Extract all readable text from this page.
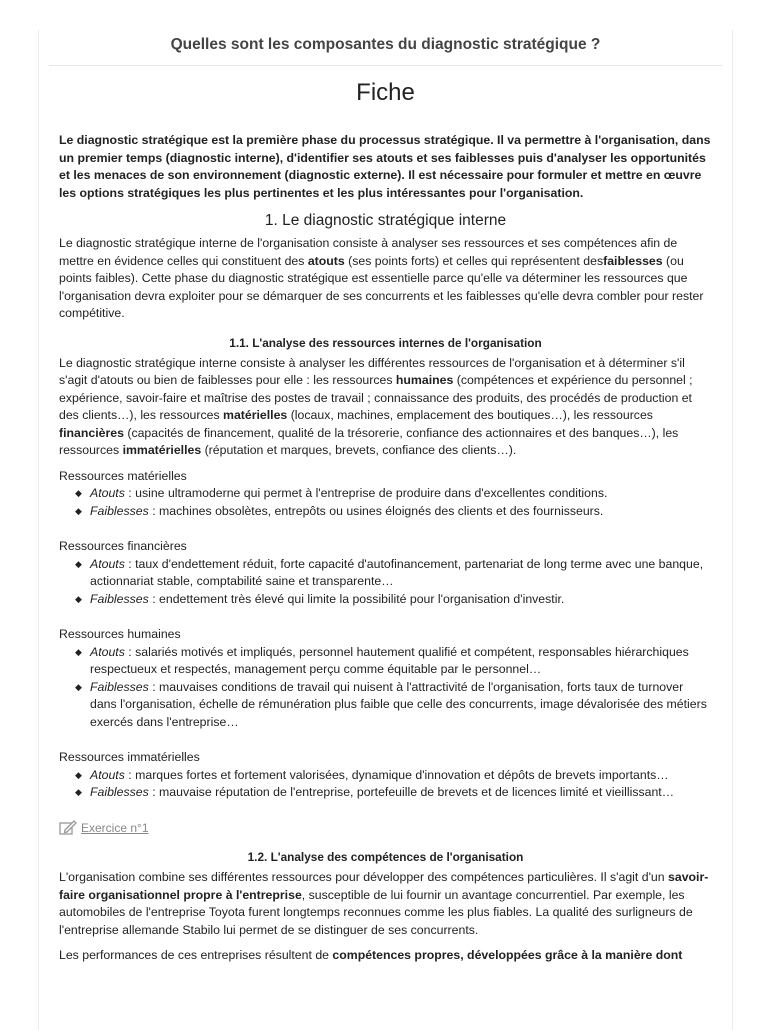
Quelles sont les composantes du diagnostic stratégique ?
Fiche

Le diagnostic stratégique est la première phase du processus stratégique. Il va permettre à l'organisation, dans un premier temps (diagnostic interne), d'identifier ses atouts et ses faiblesses puis d'analyser les opportunités et les menaces de son environnement (diagnostic externe). Il est nécessaire pour formuler et mettre en œuvre les options stratégiques les plus pertinentes et les plus intéressantes pour l'organisation.

1. Le diagnostic stratégique interne

Le diagnostic stratégique interne de l'organisation consiste à analyser ses ressources et ses compétences afin de mettre en évidence celles qui constituent des atouts (ses points forts) et celles qui représentent desfaiblesses (ou points faibles). Cette phase du diagnostic stratégique est essentielle parce qu'elle va déterminer les ressources que l'organisation devra exploiter pour se démarquer de ses concurrents et les faiblesses qu'elle devra combler pour rester compétitive.

1.1. L'analyse des ressources internes de l'organisation

Le diagnostic stratégique interne consiste à analyser les différentes ressources de l'organisation et à déterminer s'il s'agit d'atouts ou bien de faiblesses pour elle : les ressources humaines (compétences et expérience du personnel ; expérience, savoir-faire et maîtrise des postes de travail ; connaissance des produits, des procédés de production et des clients…), les ressources matérielles (locaux, machines, emplacement des boutiques…), les ressources financières (capacités de financement, qualité de la trésorerie, confiance des actionnaires et des banques…), les ressources immatérielles (réputation et marques, brevets, confiance des clients…).

Ressources matérielles
◆ Atouts : usine ultramoderne qui permet à l'entreprise de produire dans d'excellentes conditions.
◆ Faiblesses : machines obsolètes, entrepôts ou usines éloignés des clients et des fournisseurs.
Ressources financières
◆ Atouts : taux d'endettement réduit, forte capacité d'autofinancement, partenariat de long terme avec une banque, actionnariat stable, comptabilité saine et transparente…
◆ Faiblesses : endettement très élevé qui limite la possibilité pour l'organisation d'investir.
Ressources humaines
◆ Atouts : salariés motivés et impliqués, personnel hautement qualifié et compétent, responsables hiérarchiques respectueux et respectés, management perçu comme équitable par le personnel…
◆ Faiblesses : mauvaises conditions de travail qui nuisent à l'attractivité de l'organisation, forts taux de turnover dans l'organisation, échelle de rémunération plus faible que celle des concurrents, image dévalorisée des métiers exercés dans l'entreprise…
Ressources immatérielles
◆ Atouts : marques fortes et fortement valorisées, dynamique d'innovation et dépôts de brevets importants…
◆ Faiblesses : mauvaise réputation de l'entreprise, portefeuille de brevets et de licences limité et vieillissant…
Exercice n°1
1.2. L'analyse des compétences de l'organisation

L'organisation combine ses différentes ressources pour développer des compétences particulières. Il s'agit d'un savoir-faire organisationnel propre à l'entreprise, susceptible de lui fournir un avantage concurrentiel. Par exemple, les automobiles de l'entreprise Toyota furent longtemps reconnues comme les plus fiables. La qualité des surligneurs de l'entreprise allemande Stabilo lui permet de se distinguer de ses concurrents.

Les performances de ces entreprises résultent de compétences propres, développées grâce à la manière dont
